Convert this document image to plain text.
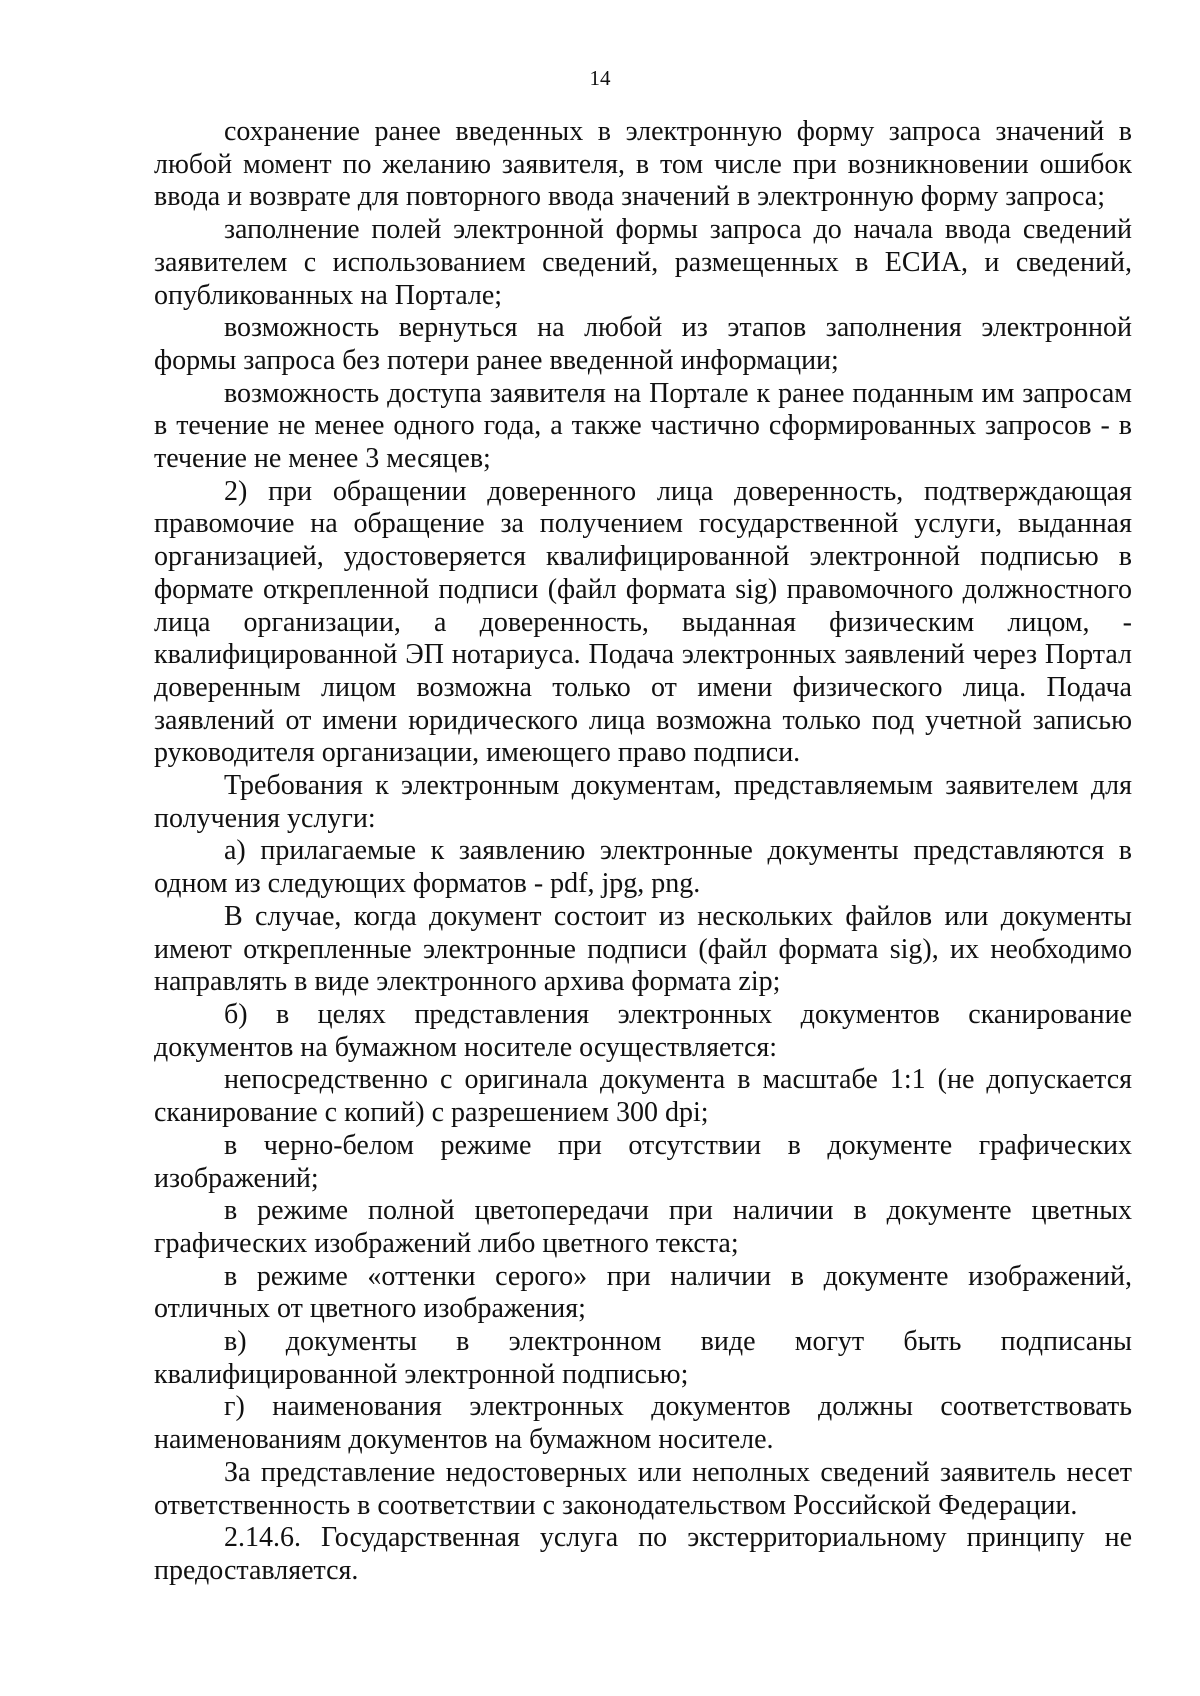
14

сохранение ранее введенных в электронную форму запроса значений в любой момент по желанию заявителя, в том числе при возникновении ошибок ввода и возврате для повторного ввода значений в электронную форму запроса;

заполнение полей электронной формы запроса до начала ввода сведений заявителем с использованием сведений, размещенных в ЕСИА, и сведений, опубликованных на Портале;

возможность вернуться на любой из этапов заполнения электронной формы запроса без потери ранее введенной информации;

возможность доступа заявителя на Портале к ранее поданным им запросам в течение не менее одного года, а также частично сформированных запросов - в течение не менее 3 месяцев;

2) при обращении доверенного лица доверенность, подтверждающая правомочие на обращение за получением государственной услуги, выданная организацией, удостоверяется квалифицированной электронной подписью в формате открепленной подписи (файл формата sig) правомочного должностного лица организации, а доверенность, выданная физическим лицом, - квалифицированной ЭП нотариуса. Подача электронных заявлений через Портал доверенным лицом возможна только от имени физического лица. Подача заявлений от имени юридического лица возможна только под учетной записью руководителя организации, имеющего право подписи.

Требования к электронным документам, представляемым заявителем для получения услуги:

а) прилагаемые к заявлению электронные документы представляются в одном из следующих форматов - pdf, jpg, png.

В случае, когда документ состоит из нескольких файлов или документы имеют открепленные электронные подписи (файл формата sig), их необходимо направлять в виде электронного архива формата zip;

б) в целях представления электронных документов сканирование документов на бумажном носителе осуществляется:

непосредственно с оригинала документа в масштабе 1:1 (не допускается сканирование с копий) с разрешением 300 dpi;

в черно-белом режиме при отсутствии в документе графических изображений;

в режиме полной цветопередачи при наличии в документе цветных графических изображений либо цветного текста;

в режиме «оттенки серого» при наличии в документе изображений, отличных от цветного изображения;

в) документы в электронном виде могут быть подписаны квалифицированной электронной подписью;

г) наименования электронных документов должны соответствовать наименованиям документов на бумажном носителе.

За представление недостоверных или неполных сведений заявитель несет ответственность в соответствии с законодательством Российской Федерации.

2.14.6. Государственная услуга по экстерриториальному принципу не предоставляется.
